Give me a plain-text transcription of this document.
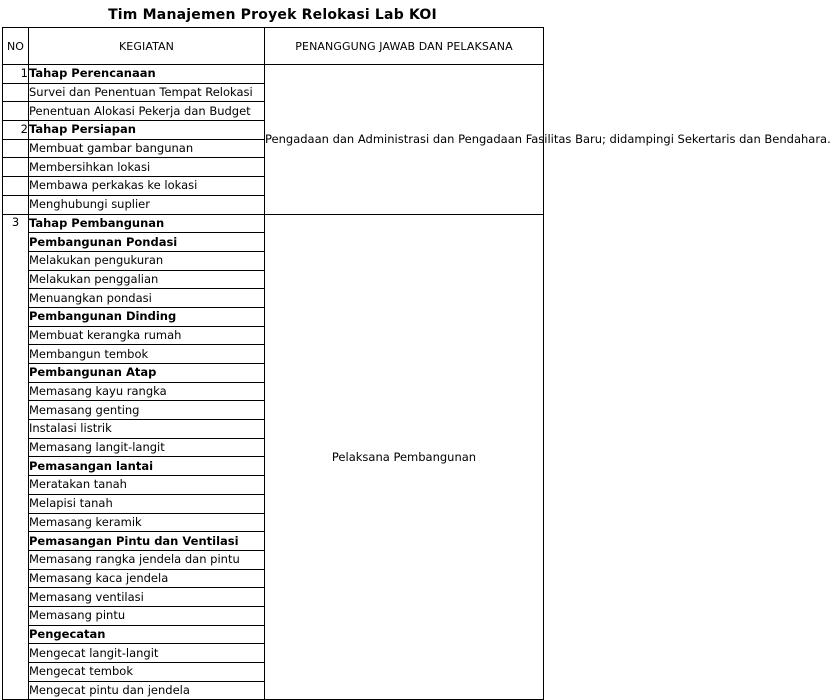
Tim Manajemen Proyek Relokasi Lab KOI
NO	KEGIATAN	PENANGGUNG JAWAB DAN PELAKSANA
1	Tahap Perencanaan	Pengadaan dan Administrasi dan Pengadaan Fasilitas Baru; didampingi Sekertaris dan Bendahara.
	Survei dan Penentuan Tempat Relokasi	
	Penentuan Alokasi Pekerja dan Budget	
2	Tahap Persiapan	
	Membuat gambar bangunan	
	Membersihkan lokasi	
	Membawa perkakas ke lokasi	
	Menghubungi suplier	
3	Tahap Pembangunan	Pelaksana Pembangunan
	Pembangunan Pondasi	
	Melakukan pengukuran	
	Melakukan penggalian	
	Menuangkan pondasi	
	Pembangunan Dinding	
	Membuat kerangka rumah	
	Membangun tembok	
	Pembangunan Atap	
	Memasang kayu rangka	
	Memasang genting	
	Instalasi listrik	
	Memasang langit-langit	
	Pemasangan lantai	
	Meratakan tanah	
	Melapisi tanah	
	Memasang keramik	
	Pemasangan Pintu dan Ventilasi	
	Memasang rangka jendela dan pintu	
	Memasang kaca jendela	
	Memasang ventilasi	
	Memasang pintu	
	Pengecatan	
	Mengecat langit-langit	
	Mengecat tembok	
	Mengecat pintu dan jendela	
